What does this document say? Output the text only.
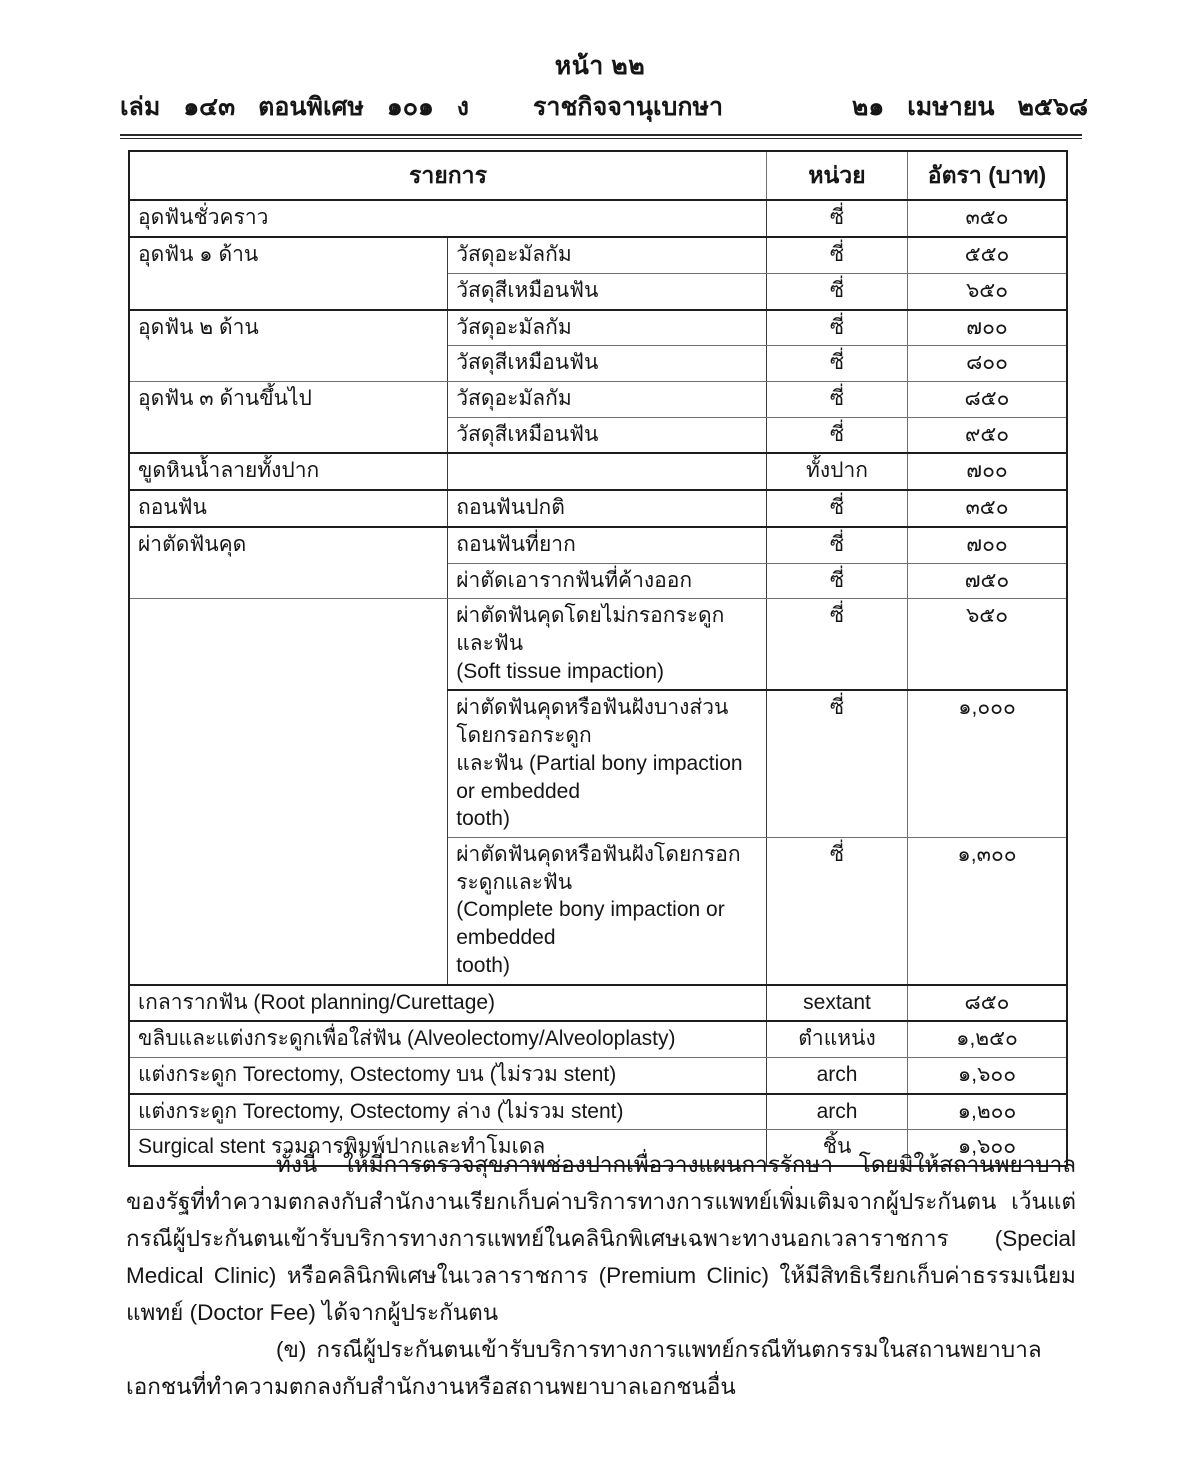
หน้า ๒๒
เล่ม ๑๔๓ ตอนพิเศษ ๑๐๑ ง	ราชกิจจานุเบกษา	๒๑ เมษายน ๒๕๖๘
รายการ		หน่วย	อัตรา (บาท)
อุดฟันชั่วคราว		ซี่	๓๕๐
อุดฟัน ๑ ด้าน	วัสดุอะมัลกัม	ซี่	๕๕๐
	วัสดุสีเหมือนฟัน	ซี่	๖๕๐
อุดฟัน ๒ ด้าน	วัสดุอะมัลกัม	ซี่	๗๐๐
	วัสดุสีเหมือนฟัน	ซี่	๘๐๐
อุดฟัน ๓ ด้านขึ้นไป	วัสดุอะมัลกัม	ซี่	๘๕๐
	วัสดุสีเหมือนฟัน	ซี่	๙๕๐
ขูดหินน้ำลายทั้งปาก		ทั้งปาก	๗๐๐
ถอนฟัน	ถอนฟันปกติ	ซี่	๓๕๐
ผ่าตัดฟันคุด	ถอนฟันที่ยาก	ซี่	๗๐๐
	ผ่าตัดเอารากฟันที่ค้างออก	ซี่	๗๕๐

	ผ่าตัดฟันคุดโดยไม่กรอกระดูกและฟัน
(Soft tissue impaction)	ซี่	๖๕๐

	ผ่าตัดฟันคุดหรือฟันฝังบางส่วนโดยกรอกระดูก
และฟัน (Partial bony impaction or embedded
tooth)	ซี่	๑,๐๐๐

	ผ่าตัดฟันคุดหรือฟันฝังโดยกรอกระดูกและฟัน
(Complete bony impaction or embedded
tooth)	ซี่	๑,๓๐๐
เกลารากฟัน (Root planning/Curettage)		sextant	๘๕๐
ขลิบและแต่งกระดูกเพื่อใส่ฟัน (Alveolectomy/Alveoloplasty)		ตำแหน่ง	๑,๒๕๐
แต่งกระดูก Torectomy, Ostectomy บน (ไม่รวม stent)		arch	๑,๖๐๐
แต่งกระดูก Torectomy, Ostectomy ล่าง (ไม่รวม stent)		arch	๑,๒๐๐
Surgical stent รวมการพิมพ์ปากและทำโมเดล		ชิ้น	๑,๖๐๐

ทั้งนี้ ให้มีการตรวจสุขภาพช่องปากเพื่อวางแผนการรักษา โดยมิให้สถานพยาบาลของรัฐที่ทำความตกลงกับสำนักงานเรียกเก็บค่าบริการทางการแพทย์เพิ่มเติมจากผู้ประกันตน เว้นแต่กรณีผู้ประกันตนเข้ารับบริการทางการแพทย์ในคลินิกพิเศษเฉพาะทางนอกเวลาราชการ (Special Medical Clinic) หรือคลินิกพิเศษในเวลาราชการ (Premium Clinic) ให้มีสิทธิเรียกเก็บค่าธรรมเนียมแพทย์ (Doctor Fee) ได้จากผู้ประกันตน

(ข) กรณีผู้ประกันตนเข้ารับบริการทางการแพทย์กรณีทันตกรรมในสถานพยาบาลเอกชนที่ทำความตกลงกับสำนักงานหรือสถานพยาบาลเอกชนอื่น
